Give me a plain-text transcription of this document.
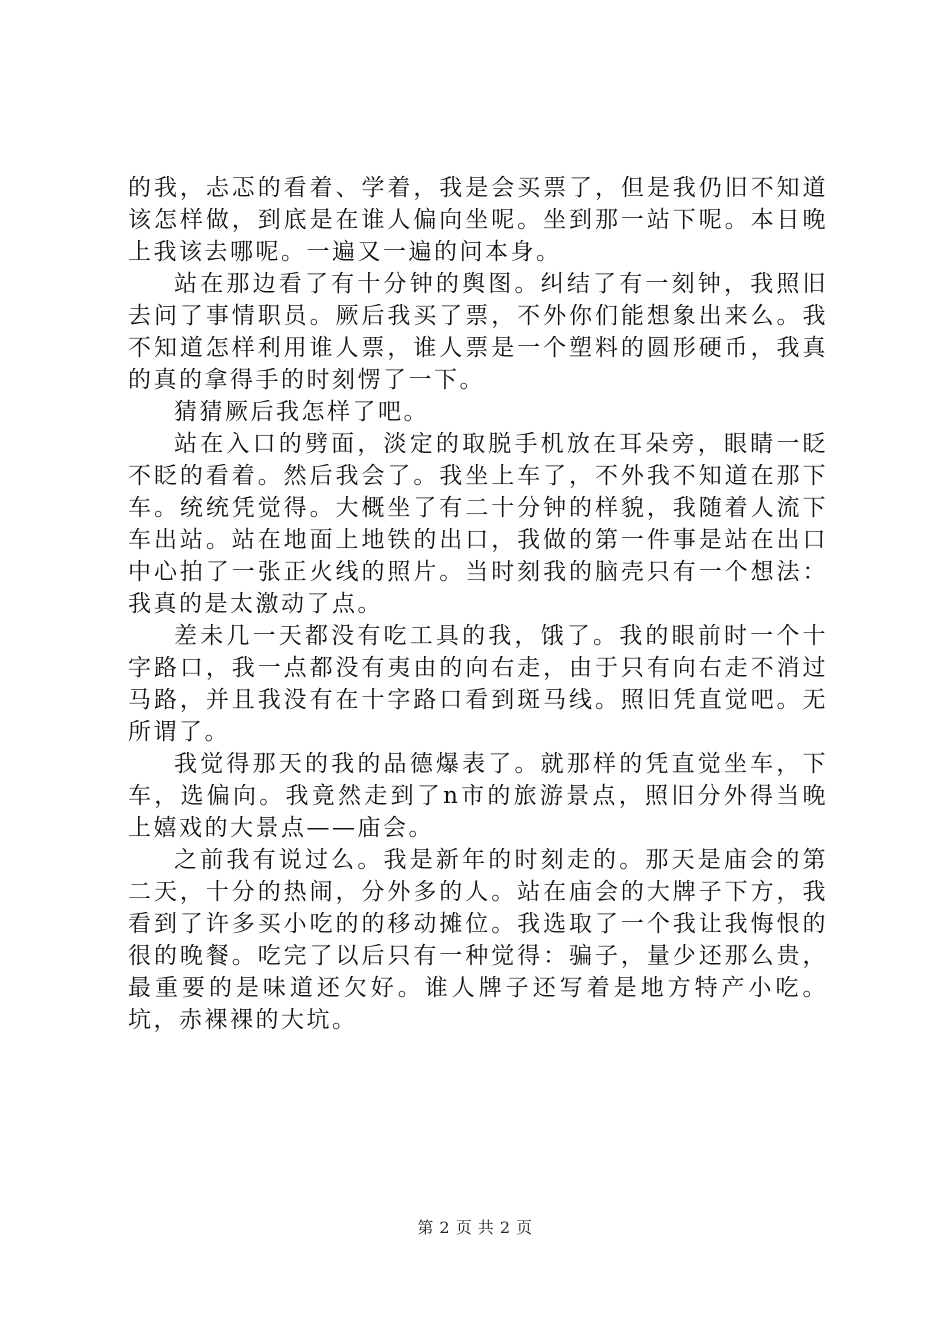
的我，忐忑的看着、学着，我是会买票了，但是我仍旧不知道该怎样做，到底是在谁人偏向坐呢。坐到那一站下呢。本日晚上我该去哪呢。一遍又一遍的问本身。

站在那边看了有十分钟的舆图。纠结了有一刻钟，我照旧去问了事情职员。厥后我买了票，不外你们能想象出来么。我不知道怎样利用谁人票，谁人票是一个塑料的圆形硬币，我真的真的拿得手的时刻愣了一下。

猜猜厥后我怎样了吧。

站在入口的劈面，淡定的取脱手机放在耳朵旁，眼睛一眨不眨的看着。然后我会了。我坐上车了，不外我不知道在那下车。统统凭觉得。大概坐了有二十分钟的样貌，我随着人流下车出站。站在地面上地铁的出口，我做的第一件事是站在出口中心拍了一张正火线的照片。当时刻我的脑壳只有一个想法：我真的是太激动了点。

差未几一天都没有吃工具的我，饿了。我的眼前时一个十字路口，我一点都没有夷由的向右走，由于只有向右走不消过马路，并且我没有在十字路口看到斑马线。照旧凭直觉吧。无所谓了。

我觉得那天的我的品德爆表了。就那样的凭直觉坐车，下车，选偏向。我竟然走到了n市的旅游景点，照旧分外得当晚上嬉戏的大景点——庙会。

之前我有说过么。我是新年的时刻走的。那天是庙会的第二天，十分的热闹，分外多的人。站在庙会的大牌子下方，我看到了许多买小吃的的移动摊位。我选取了一个我让我悔恨的很的晚餐。吃完了以后只有一种觉得：骗子，量少还那么贵，最重要的是味道还欠好。谁人牌子还写着是地方特产小吃。坑，赤裸裸的大坑。

第 2 页 共 2 页
